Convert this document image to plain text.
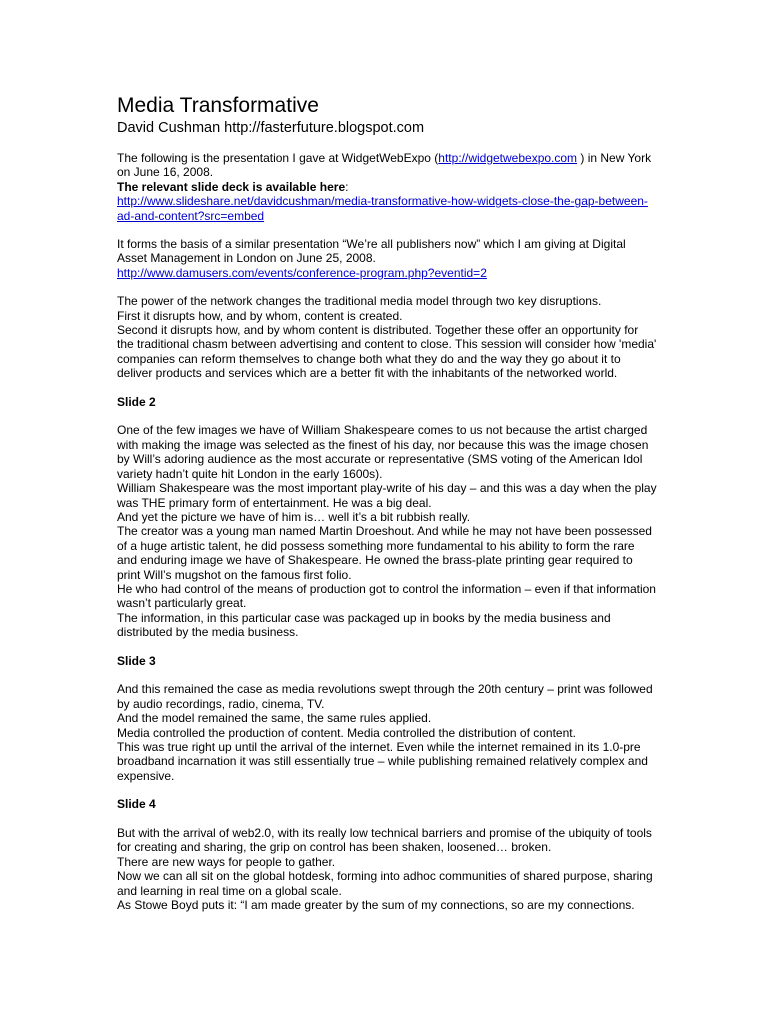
Media Transformative
David Cushman http://fasterfuture.blogspot.com

The following is the presentation I gave at WidgetWebExpo (http://widgetwebexpo.com ) in New York on June 16, 2008.

The relevant slide deck is available here:

http://www.slideshare.net/davidcushman/media-transformative-how-widgets-close-the-gap-between-ad-and-content?src=embed

It forms the basis of a similar presentation “We’re all publishers now” which I am giving at Digital Asset Management in London on June 25, 2008.

http://www.damusers.com/events/conference-program.php?eventid=2

The power of the network changes the traditional media model through two key disruptions.

First it disrupts how, and by whom, content is created.

Second it disrupts how, and by whom content is distributed. Together these offer an opportunity for the traditional chasm between advertising and content to close. This session will consider how 'media' companies can reform themselves to change both what they do and the way they go about it to deliver products and services which are a better fit with the inhabitants of the networked world.

Slide 2

One of the few images we have of William Shakespeare comes to us not because the artist charged with making the image was selected as the finest of his day, nor because this was the image chosen by Will’s adoring audience as the most accurate or representative (SMS voting of the American Idol variety hadn’t quite hit London in the early 1600s).

William Shakespeare was the most important play-write of his day – and this was a day when the play was THE primary form of entertainment. He was a big deal.

And yet the picture we have of him is… well it’s a bit rubbish really.

The creator was a young man named Martin Droeshout. And while he may not have been possessed of a huge artistic talent, he did possess something more fundamental to his ability to form the rare and enduring image we have of Shakespeare. He owned the brass-plate printing gear required to print Will’s mugshot on the famous first folio.

He who had control of the means of production got to control the information – even if that information wasn’t particularly great.

The information, in this particular case was packaged up in books by the media business and distributed by the media business.

Slide 3

And this remained the case as media revolutions swept through the 20th century – print was followed by audio recordings, radio, cinema, TV.

And the model remained the same, the same rules applied.

Media controlled the production of content. Media controlled the distribution of content.

This was true right up until the arrival of the internet. Even while the internet remained in its 1.0-pre broadband incarnation it was still essentially true – while publishing remained relatively complex and expensive.

Slide 4

But with the arrival of web2.0, with its really low technical barriers and promise of the ubiquity of tools for creating and sharing, the grip on control has been shaken, loosened… broken.

There are new ways for people to gather.

Now we can all sit on the global hotdesk, forming into adhoc communities of shared purpose, sharing and learning in real time on a global scale.

As Stowe Boyd puts it: “I am made greater by the sum of my connections, so are my connections.
